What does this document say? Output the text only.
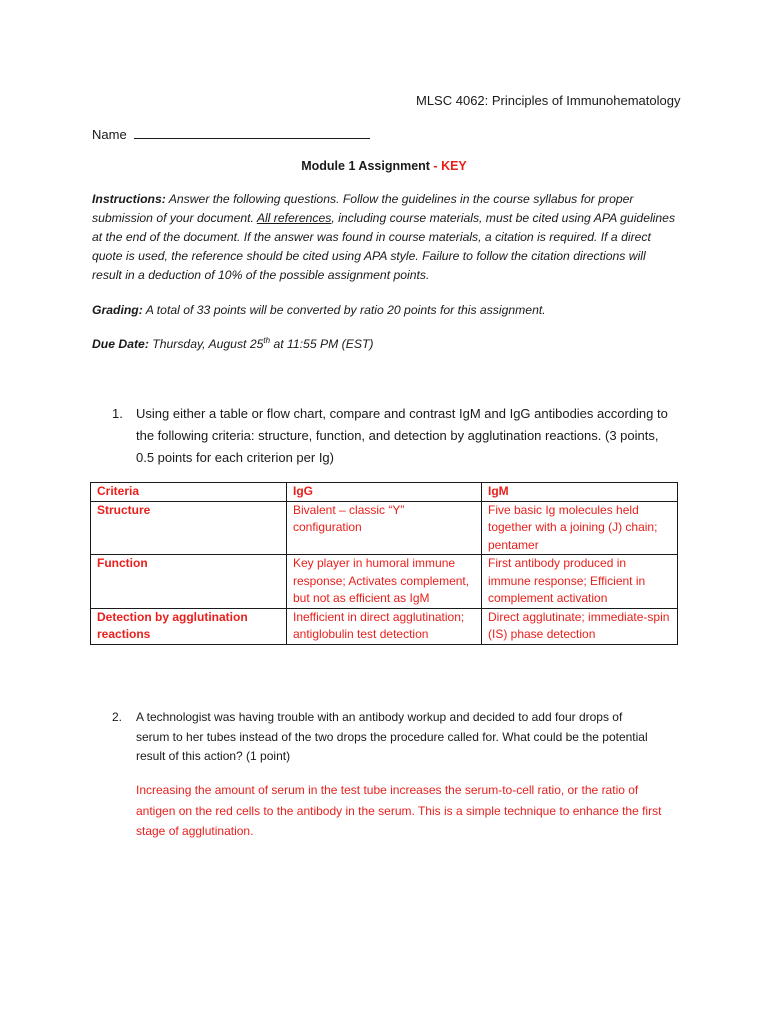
MLSC 4062: Principles of Immunohematology
Name
Module 1 Assignment - KEY
Instructions: Answer the following questions. Follow the guidelines in the course syllabus for proper submission of your document. All references, including course materials, must be cited using APA guidelines at the end of the document. If the answer was found in course materials, a citation is required. If a direct quote is used, the reference should be cited using APA style. Failure to follow the citation directions will result in a deduction of 10% of the possible assignment points.
Grading: A total of 33 points will be converted by ratio 20 points for this assignment.
Due Date: Thursday, August 25th at 11:55 PM (EST)
1. Using either a table or flow chart, compare and contrast IgM and IgG antibodies according to the following criteria: structure, function, and detection by agglutination reactions. (3 points, 0.5 points for each criterion per Ig)
Criteria	IgG	IgM
Structure	Bivalent – classic “Y” configuration	Five basic Ig molecules held together with a joining (J) chain; pentamer
Function	Key player in humoral immune response; Activates complement, but not as efficient as IgM	First antibody produced in immune response; Efficient in complement activation
Detection by agglutination reactions	Inefficient in direct agglutination; antiglobulin test detection	Direct agglutinate; immediate-spin (IS) phase detection
2. A technologist was having trouble with an antibody workup and decided to add four drops of serum to her tubes instead of the two drops the procedure called for. What could be the potential result of this action? (1 point)
Increasing the amount of serum in the test tube increases the serum-to-cell ratio, or the ratio of antigen on the red cells to the antibody in the serum. This is a simple technique to enhance the first stage of agglutination.
